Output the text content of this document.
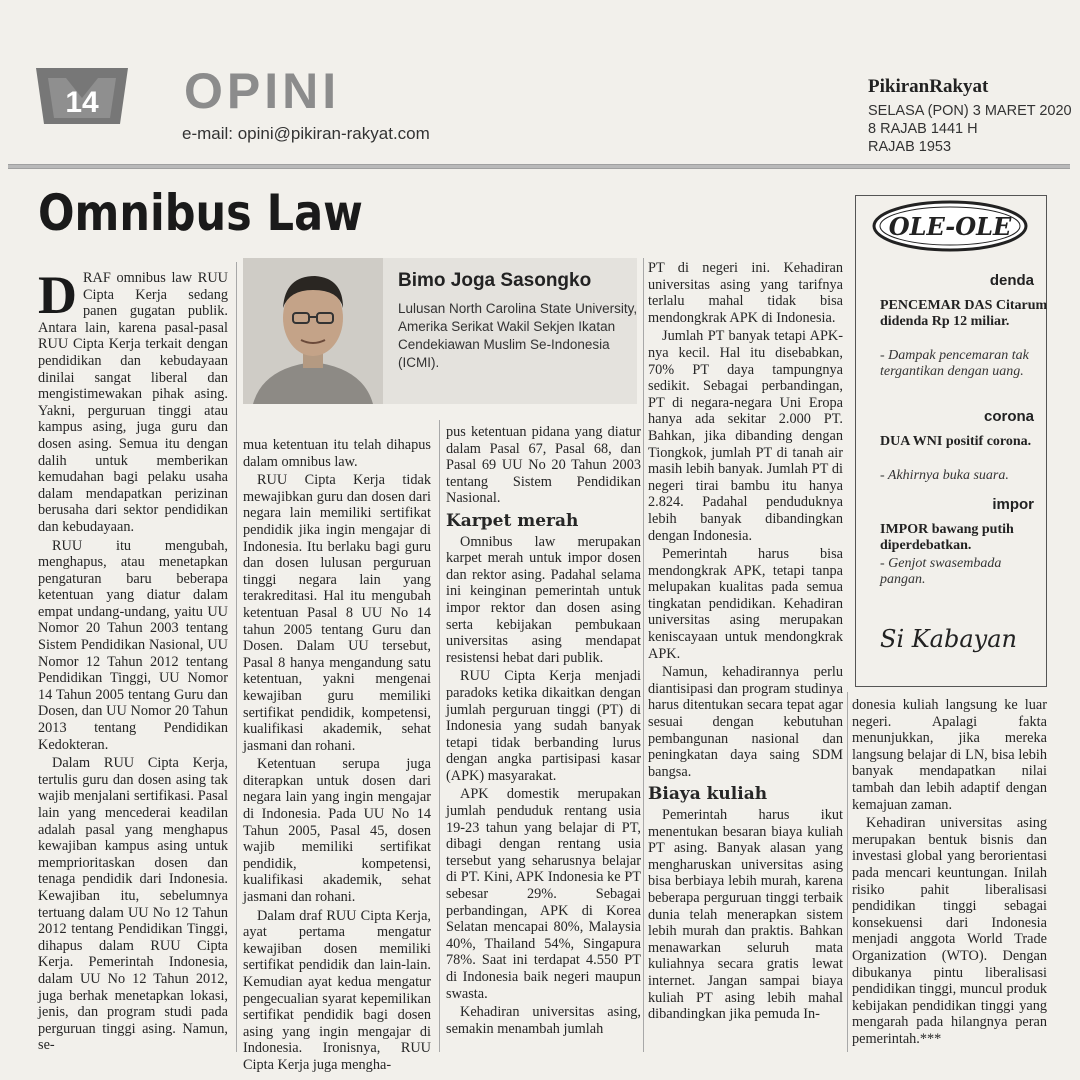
14 OPINI
e-mail: opini@pikiran-rakyat.com
PikiranRakyat
SELASA (PON) 3 MARET 2020
8 RAJAB 1441 H
RAJAB 1953
Omnibus Law
D RAF omnibus law RUU Cipta Kerja sedang panen gugatan publik. Antara lain, karena pasal-pasal RUU Cipta Kerja terkait dengan pendidikan dan kebudayaan dinilai sangat liberal dan mengistimewakan pihak asing. Yakni, perguruan tinggi atau kampus asing, juga guru dan dosen asing. Semua itu dengan dalih untuk memberikan kemudahan bagi pelaku usaha dalam mendapatkan perizinan berusaha dari sektor pendidikan dan kebudayaan.

RUU itu mengubah, menghapus, atau menetapkan pengaturan baru beberapa ketentuan yang diatur dalam empat undang-undang, yaitu UU Nomor 20 Tahun 2003 tentang Sistem Pendidikan Nasional, UU Nomor 12 Tahun 2012 tentang Pendidikan Tinggi, UU Nomor 14 Tahun 2005 tentang Guru dan Dosen, dan UU Nomor 20 Tahun 2013 tentang Pendidikan Kedokteran.

Dalam RUU Cipta Kerja, tertulis guru dan dosen asing tak wajib menjalani sertifikasi. Pasal lain yang mencederai keadilan adalah pasal yang menghapus kewajiban kampus asing untuk memprioritaskan dosen dan tenaga pendidik dari Indonesia. Kewajiban itu, sebelumnya tertuang dalam UU No 12 Tahun 2012 tentang Pendidikan Tinggi, dihapus dalam RUU Cipta Kerja. Pemerintah Indonesia, dalam UU No 12 Tahun 2012, juga berhak menetapkan lokasi, jenis, dan program studi pada perguruan tinggi asing. Namun, se-

Bimo Joga Sasongko
Lulusan North Carolina State University, Amerika Serikat Wakil Sekjen Ikatan Cendekiawan Muslim Se-Indonesia (ICMI).

mua ketentuan itu telah dihapus dalam omnibus law.

RUU Cipta Kerja tidak mewajibkan guru dan dosen dari negara lain memiliki sertifikat pendidik jika ingin mengajar di Indonesia. Itu berlaku bagi guru dan dosen lulusan perguruan tinggi negara lain yang terakreditasi. Hal itu mengubah ketentuan Pasal 8 UU No 14 tahun 2005 tentang Guru dan Dosen. Dalam UU tersebut, Pasal 8 hanya mengandung satu ketentuan, yakni mengenai kewajiban guru memiliki sertifikat pendidik, kompetensi, kualifikasi akademik, sehat jasmani dan rohani.

Ketentuan serupa juga diterapkan untuk dosen dari negara lain yang ingin mengajar di Indonesia. Pada UU No 14 Tahun 2005, Pasal 45, dosen wajib memiliki sertifikat pendidik, kompetensi, kualifikasi akademik, sehat jasmani dan rohani.

Dalam draf RUU Cipta Kerja, ayat pertama mengatur kewajiban dosen memiliki sertifikat pendidik dan lain-lain. Kemudian ayat kedua mengatur pengecualian syarat kepemilikan sertifikat pendidik bagi dosen asing yang ingin mengajar di Indonesia. Ironisnya, RUU Cipta Kerja juga mengha-

pus ketentuan pidana yang diatur dalam Pasal 67, Pasal 68, dan Pasal 69 UU No 20 Tahun 2003 tentang Sistem Pendidikan Nasional.

Karpet merah

Omnibus law merupakan karpet merah untuk impor dosen dan rektor asing. Padahal selama ini keinginan pemerintah untuk impor rektor dan dosen asing serta kebijakan pembukaan universitas asing mendapat resistensi hebat dari publik.

RUU Cipta Kerja menjadi paradoks ketika dikaitkan dengan jumlah perguruan tinggi (PT) di Indonesia yang sudah banyak tetapi tidak berbanding lurus dengan angka partisipasi kasar (APK) masyarakat.

APK domestik merupakan jumlah penduduk rentang usia 19-23 tahun yang belajar di PT, dibagi dengan rentang usia tersebut yang seharusnya belajar di PT. Kini, APK Indonesia ke PT sebesar 29%. Sebagai perbandingan, APK di Korea Selatan mencapai 80%, Malaysia 40%, Thailand 54%, Singapura 78%. Saat ini terdapat 4.550 PT di Indonesia baik negeri maupun swasta.

Kehadiran universitas asing, semakin menambah jumlah

PT di negeri ini. Kehadiran universitas asing yang tarifnya terlalu mahal tidak bisa mendongkrak APK di Indonesia.

Jumlah PT banyak tetapi APK-nya kecil. Hal itu disebabkan, 70% PT daya tampungnya sedikit. Sebagai perbandingan, PT di negara-negara Uni Eropa hanya ada sekitar 2.000 PT. Bahkan, jika dibanding dengan Tiongkok, jumlah PT di tanah air masih lebih banyak. Jumlah PT di negeri tirai bambu itu hanya 2.824. Padahal penduduknya lebih banyak dibandingkan dengan Indonesia.

Pemerintah harus bisa mendongkrak APK, tetapi tanpa melupakan kualitas pada semua tingkatan pendidikan. Kehadiran universitas asing merupakan keniscayaan untuk mendongkrak APK.

Namun, kehadirannya perlu diantisipasi dan program studinya harus ditentukan secara tepat agar sesuai dengan kebutuhan pembangunan nasional dan peningkatan daya saing SDM bangsa.

Biaya kuliah

Pemerintah harus ikut menentukan besaran biaya kuliah PT asing. Banyak alasan yang mengharuskan universitas asing bisa berbiaya lebih murah, karena beberapa perguruan tinggi terbaik dunia telah menerapkan sistem lebih murah dan praktis. Bahkan menawarkan seluruh mata kuliahnya secara gratis lewat internet. Jangan sampai biaya kuliah PT asing lebih mahal dibandingkan jika pemuda In-

OLE-OLE
denda
PENCEMAR DAS Citarum didenda Rp 12 miliar.
- Dampak pencemaran tak tergantikan dengan uang.
corona
DUA WNI positif corona.
- Akhirnya buka suara.
impor
IMPOR bawang putih diperdebatkan.
- Genjot swasembada pangan.
Si Kabayan

donesia kuliah langsung ke luar negeri. Apalagi fakta menunjukkan, jika mereka langsung belajar di LN, bisa lebih banyak mendapatkan nilai tambah dan lebih adaptif dengan kemajuan zaman.

Kehadiran universitas asing merupakan bentuk bisnis dan investasi global yang berorientasi pada mencari keuntungan. Inilah risiko pahit liberalisasi pendidikan tinggi sebagai konsekuensi dari Indonesia menjadi anggota World Trade Organization (WTO). Dengan dibukanya pintu liberalisasi pendidikan tinggi, muncul produk kebijakan pendidikan tinggi yang mengarah pada hilangnya peran pemerintah.***
